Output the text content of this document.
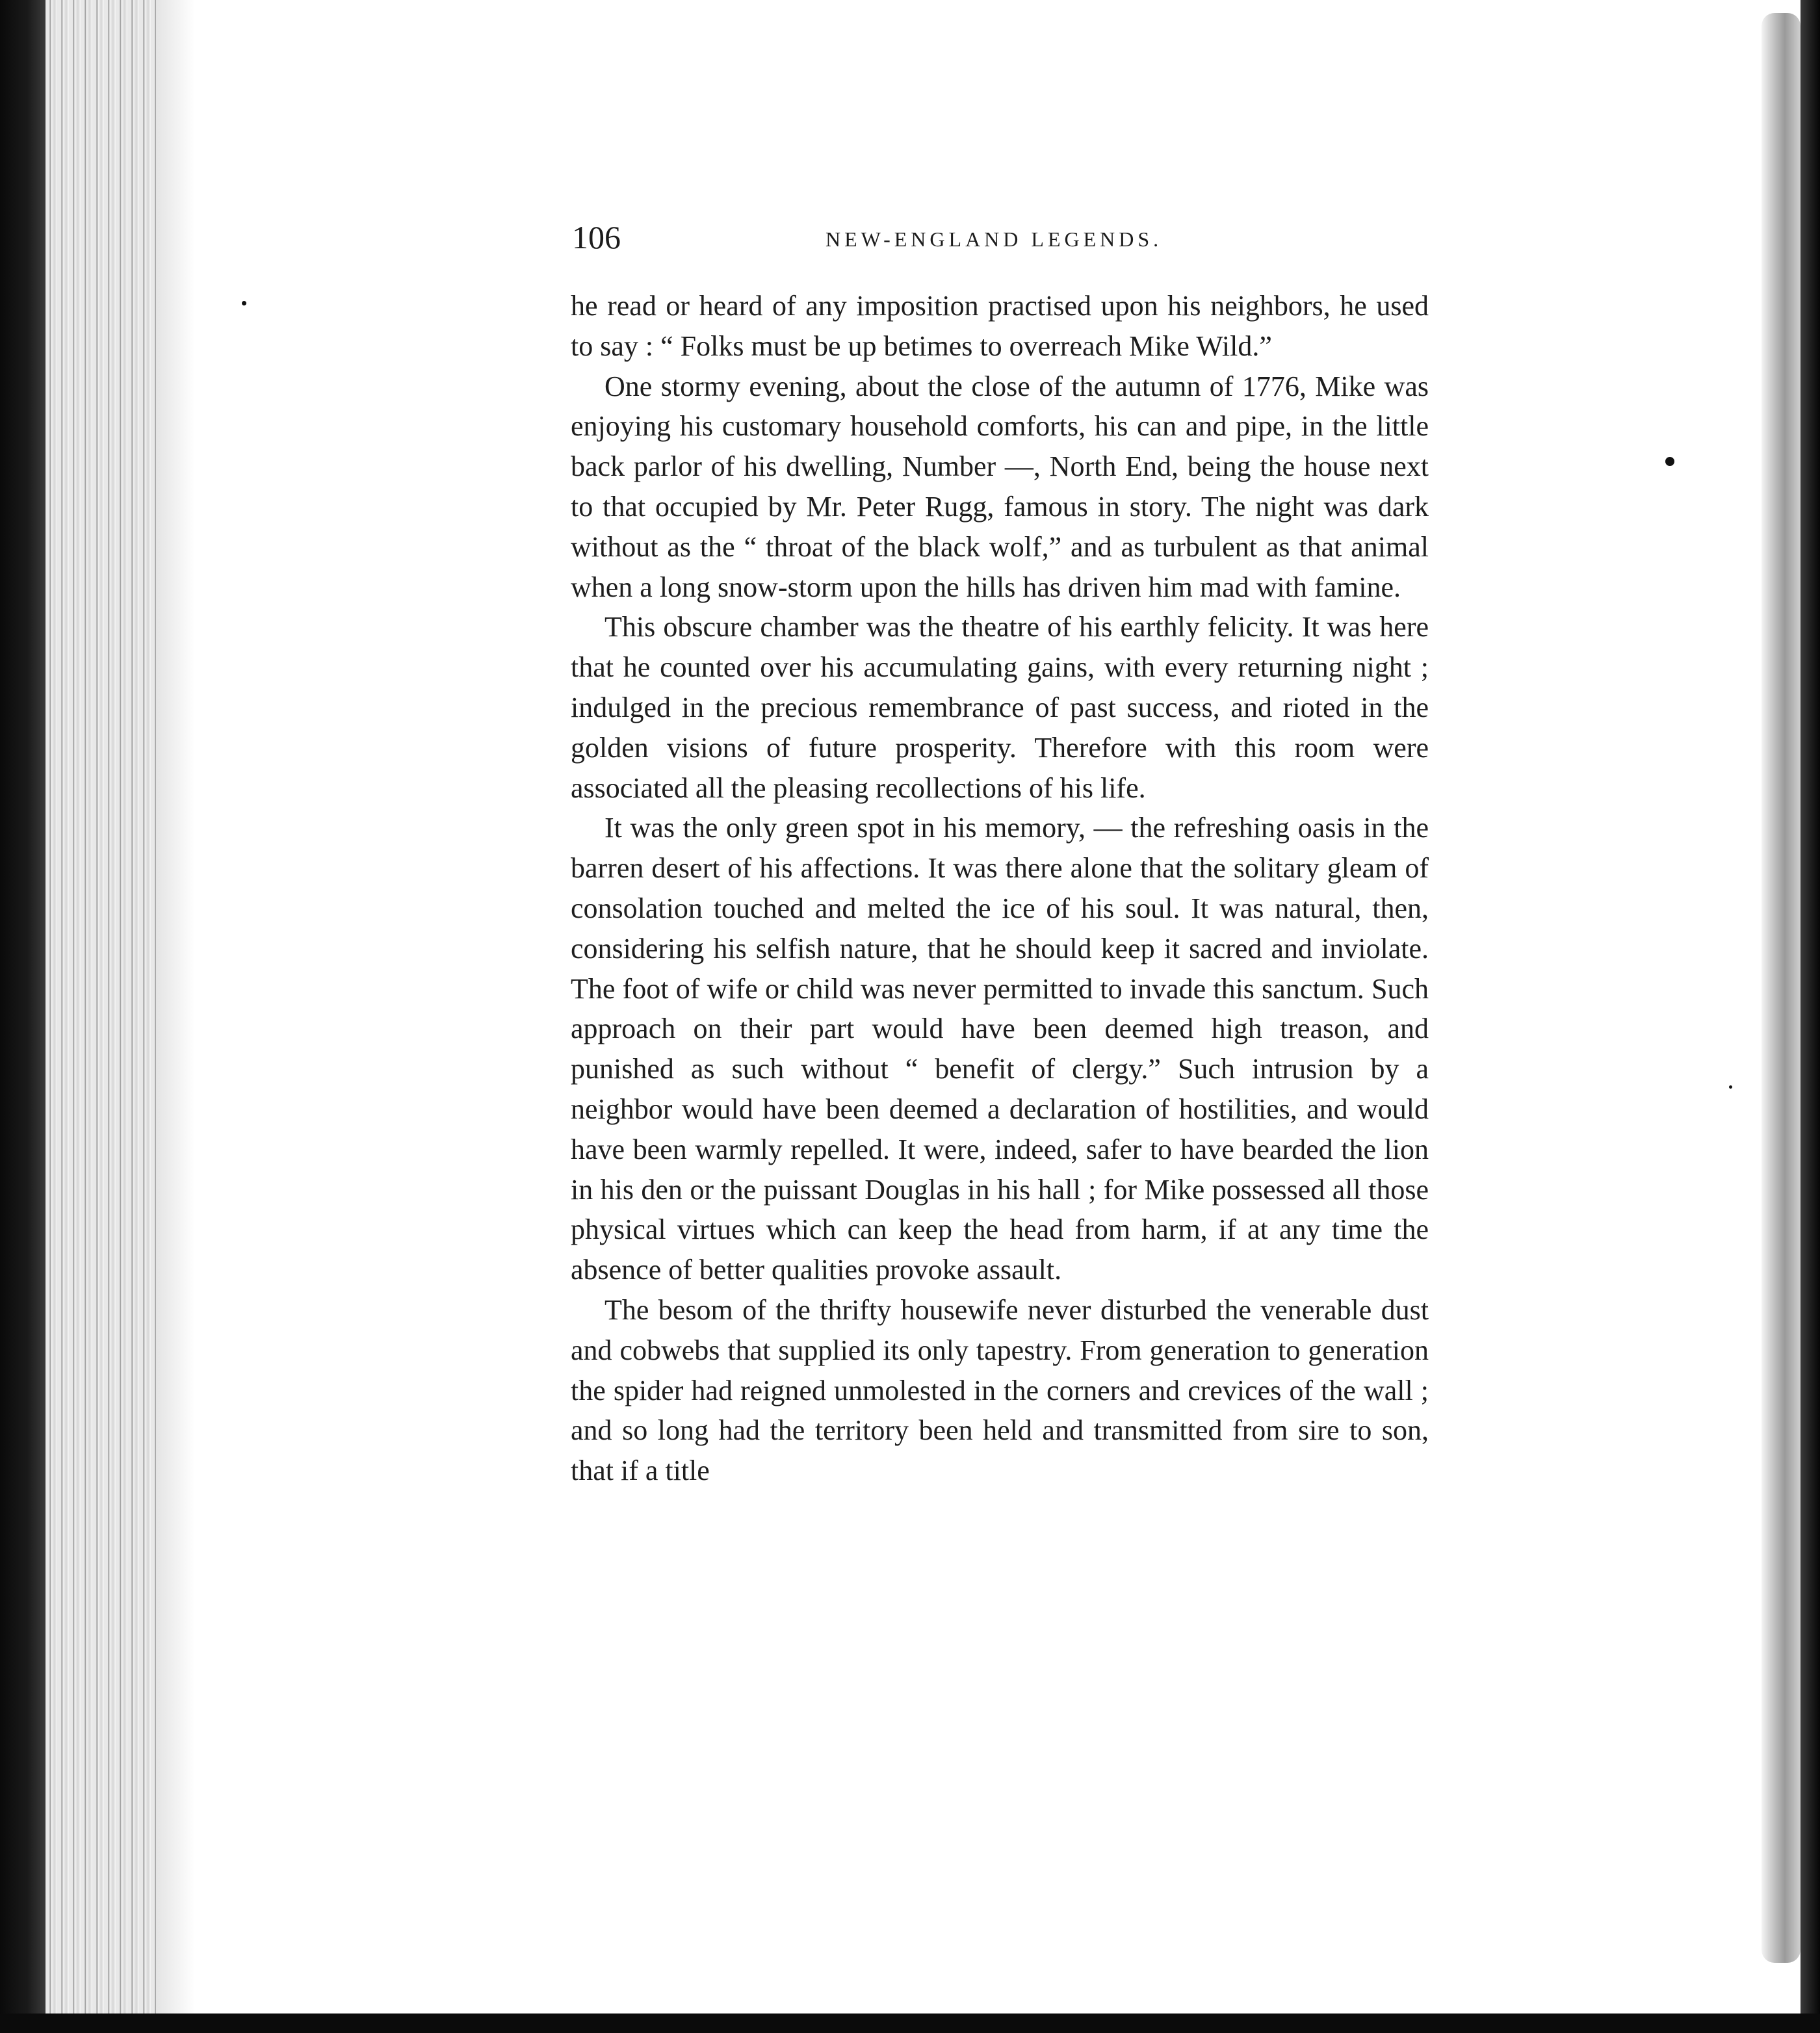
106	NEW-ENGLAND LEGENDS.

he read or heard of any imposition practised upon his neighbors, he used to say : “ Folks must be up betimes to overreach Mike Wild.”

One stormy evening, about the close of the autumn of 1776, Mike was enjoying his customary household comforts, his can and pipe, in the little back parlor of his dwelling, Number —, North End, being the house next to that occupied by Mr. Peter Rugg, famous in story. The night was dark without as the “ throat of the black wolf,” and as turbulent as that animal when a long snow-storm upon the hills has driven him mad with famine.

This obscure chamber was the theatre of his earthly felicity. It was here that he counted over his accumulating gains, with every returning night ; indulged in the precious remembrance of past success, and rioted in the golden visions of future prosperity. Therefore with this room were associated all the pleasing recollections of his life.

It was the only green spot in his memory, — the refreshing oasis in the barren desert of his affections. It was there alone that the solitary gleam of consolation touched and melted the ice of his soul. It was natural, then, considering his selfish nature, that he should keep it sacred and inviolate. The foot of wife or child was never permitted to invade this sanctum. Such approach on their part would have been deemed high treason, and punished as such without “ benefit of clergy.” Such intrusion by a neighbor would have been deemed a declaration of hostilities, and would have been warmly repelled. It were, indeed, safer to have bearded the lion in his den or the puissant Douglas in his hall ; for Mike possessed all those physical virtues which can keep the head from harm, if at any time the absence of better qualities provoke assault.

The besom of the thrifty housewife never disturbed the venerable dust and cobwebs that supplied its only tapestry. From generation to generation the spider had reigned unmolested in the corners and crevices of the wall ; and so long had the territory been held and transmitted from sire to son, that if a title
